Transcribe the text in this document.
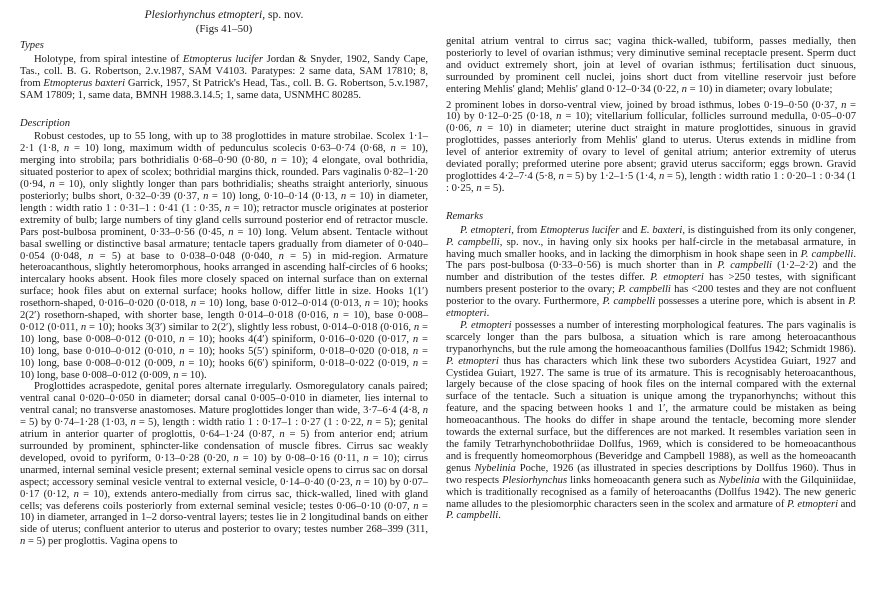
Plesiorhynchus etmopteri, sp. nov.
(Figs 41–50)
Types

Holotype, from spiral intestine of Etmopterus lucifer Jordan & Snyder, 1902, Sandy Cape, Tas., coll. B. G. Robertson, 2.v.1987, SAM V4103. Paratypes: 2 same data, SAM 17810; 8, from Etmopterus baxteri Garrick, 1957, St Patrick's Head, Tas., coll. B. G. Robertson, 5.v.1987, SAM 17809; 1, same data, BMNH 1988.3.14.5; 1, same data, USNMHC 80285.

Description

Robust cestodes, up to 55 long, with up to 38 proglottides in mature strobilae. Scolex 1·1–2·1 (1·8, n = 10) long, maximum width of pedunculus scolecis 0·63–0·74 (0·68, n = 10), merging into strobila; pars bothridialis 0·68–0·90 (0·80, n = 10); 4 elongate, oval bothridia, situated posterior to apex of scolex; bothridial margins thick, rounded. Pars vaginalis 0·82–1·20 (0·94, n = 10), only slightly longer than pars bothridialis; sheaths straight anteriorly, sinuous posteriorly; bulbs short, 0·32–0·39 (0·37, n = 10) long, 0·10–0·14 (0·13, n = 10) in diameter, length : width ratio 1 : 0·31–1 : 0·41 (1 : 0·35, n = 10); retractor muscle originates at posterior extremity of bulb; large numbers of tiny gland cells surround posterior end of retractor muscle. Pars post-bulbosa prominent, 0·33–0·56 (0·45, n = 10) long. Velum absent. Tentacle without basal swelling or distinctive basal armature; tentacle tapers gradually from diameter of 0·040–0·054 (0·048, n = 5) at base to 0·038–0·048 (0·040, n = 5) in mid-region. Armature heteroacanthous, slightly heteromorphous, hooks arranged in ascending half-circles of 6 hooks; intercalary hooks absent. Hook files more closely spaced on internal surface than on external surface; hook files abut on external surface; hooks hollow, differ little in size. Hooks 1(1′) rosethorn-shaped, 0·016–0·020 (0·018, n = 10) long, base 0·012–0·014 (0·013, n = 10); hooks 2(2′) rosethorn-shaped, with shorter base, length 0·014–0·018 (0·016, n = 10), base 0·008–0·012 (0·011, n = 10); hooks 3(3′) similar to 2(2′), slightly less robust, 0·014–0·018 (0·016, n = 10) long, base 0·008–0·012 (0·010, n = 10); hooks 4(4′) spiniform, 0·016–0·020 (0·017, n = 10) long, base 0·010–0·012 (0·010, n = 10); hooks 5(5′) spiniform, 0·018–0·020 (0·018, n = 10) long, base 0·008–0·012 (0·009, n = 10); hooks 6(6′) spiniform, 0·018–0·022 (0·019, n = 10) long, base 0·008–0·012 (0·009, n = 10).

Proglottides acraspedote, genital pores alternate irregularly. Osmoregulatory canals paired; ventral canal 0·020–0·050 in diameter; dorsal canal 0·005–0·010 in diameter, lies internal to ventral canal; no transverse anastomoses. Mature proglottides longer than wide, 3·7–6·4 (4·8, n = 5) by 0·74–1·28 (1·03, n = 5), length : width ratio 1 : 0·17–1 : 0·27 (1 : 0·22, n = 5); genital atrium in anterior quarter of proglottis, 0·64–1·24 (0·87, n = 5) from anterior end; atrium surrounded by prominent, sphincter-like condensation of muscle fibres. Cirrus sac weakly developed, ovoid to pyriform, 0·13–0·28 (0·20, n = 10) by 0·08–0·16 (0·11, n = 10); cirrus unarmed, internal seminal vesicle present; external seminal vesicle opens to cirrus sac on dorsal aspect; accessory seminal vesicle ventral to external vesicle, 0·14–0·40 (0·23, n = 10) by 0·07–0·17 (0·12, n = 10), extends antero-medially from cirrus sac, thick-walled, lined with gland cells; vas deferens coils posteriorly from external seminal vesicle; testes 0·06–0·10 (0·07, n = 10) in diameter, arranged in 1–2 dorso-ventral layers; testes lie in 2 longitudinal bands on either side of uterus; confluent anterior to uterus and posterior to ovary; testes number 268–399 (311, n = 5) per proglottis. Vagina opens to

genital atrium ventral to cirrus sac; vagina thick-walled, tubiform, passes medially, then posteriorly to level of ovarian isthmus; very diminutive seminal receptacle present. Sperm duct and oviduct extremely short, join at level of ovarian isthmus; fertilisation duct sinuous, surrounded by prominent cell nuclei, joins short duct from vitelline reservoir just before entering Mehlis' gland; Mehlis' gland 0·12–0·34 (0·22, n = 10) in diameter; ovary lobulate;

2 prominent lobes in dorso-ventral view, joined by broad isthmus, lobes 0·19–0·50 (0·37, n = 10) by 0·12–0·25 (0·18, n = 10); vitellarium follicular, follicles surround medulla, 0·05–0·07 (0·06, n = 10) in diameter; uterine duct straight in mature proglottides, sinuous in gravid proglottides, passes anteriorly from Mehlis' gland to uterus. Uterus extends in midline from level of anterior extremity of ovary to level of genital atrium; anterior extremity of uterus deviated porally; preformed uterine pore absent; gravid uterus sacciform; eggs brown. Gravid proglottides 4·2–7·4 (5·8, n = 5) by 1·2–1·5 (1·4, n = 5), length : width ratio 1 : 0·20–1 : 0·34 (1 : 0·25, n = 5).

Remarks

P. etmopteri, from Etmopterus lucifer and E. baxteri, is distinguished from its only congener, P. campbelli, sp. nov., in having only six hooks per half-circle in the metabasal armature, in having much smaller hooks, and in lacking the dimorphism in hook shape seen in P. campbelli. The pars post-bulbosa (0·33–0·56) is much shorter than in P. campbelli (1·2–2·2) and the number and distribution of the testes differ. P. etmopteri has >250 testes, with significant numbers present posterior to the ovary; P. campbelli has <200 testes and they are not confluent posterior to the ovary. Furthermore, P. campbelli possesses a uterine pore, which is absent in P. etmopteri.

P. etmopteri possesses a number of interesting morphological features. The pars vaginalis is scarcely longer than the pars bulbosa, a situation which is rare among heteroacanthous trypanorhynchs, but the rule among the homeoacanthous families (Dollfus 1942; Schmidt 1986). P. etmopteri thus has characters which link these two suborders Acystidea Guiart, 1927 and Cystidea Guiart, 1927. The same is true of its armature. This is recognisably heteroacanthous, largely because of the close spacing of hook files on the internal compared with the external surface of the tentacle. Such a situation is unique among the trypanorhynchs; without this feature, and the spacing between hooks 1 and 1′, the armature could be mistaken as being homeoacanthous. The hooks do differ in shape around the tentacle, becoming more slender towards the external surface, but the differences are not marked. It resembles variation seen in the family Tetrarhynchobothriidae Dollfus, 1969, which is considered to be homeoacanthous and is frequently homeomorphous (Beveridge and Campbell 1988), as well as the homeoacanth genus Nybelinia Poche, 1926 (as illustrated in species descriptions by Dollfus 1960). Thus in two respects Plesiorhynchus links homeoacanth genera such as Nybelinia with the Gilquiniidae, which is traditionally recognised as a family of heteroacanths (Dollfus 1942). The new generic name alludes to the plesiomorphic characters seen in the scolex and armature of P. etmopteri and P. campbelli.
